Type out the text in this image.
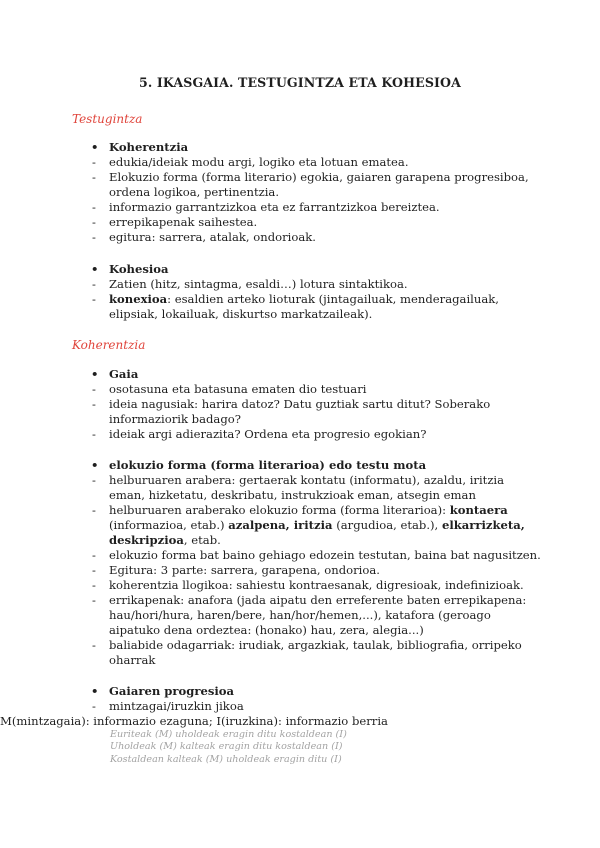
5. IKASGAIA. TESTUGINTZA ETA KOHESIOA
Testugintza
• Koherentzia
- edukia/ideiak modu argi, logiko eta lotuan ematea.
- Elokuzio forma (forma literario) egokia, gaiaren garapena progresiboa, ordena logikoa, pertinentzia.
- informazio garrantzizkoa eta ez farrantzizkoa bereiztea.
- errepikapenak saihestea.
- egitura: sarrera, atalak, ondorioak.
• Kohesioa
- Zatien (hitz, sintagma, esaldi…) lotura sintaktikoa.
- konexioa: esaldien arteko lioturak (jintagailuak, menderagailuak, elipsiak, lokailuak, diskurtso markatzaileak).
Koherentzia
• Gaia
- osotasuna eta batasuna ematen dio testuari
- ideia nagusiak: harira datoz? Datu guztiak sartu ditut? Soberako informaziorik badago?
- ideiak argi adierazita? Ordena eta progresio egokian?
• elokuzio forma (forma literarioa) edo testu mota
- helburuaren arabera: gertaerak kontatu (informatu), azaldu, iritzia eman, hizketatu, deskribatu, instrukzioak eman, atsegin eman
- helburuaren araberako elokuzio forma (forma literarioa): kontaera (informazioa, etab.) azalpena, iritzia (argudioa, etab.), elkarrizketa, deskripzioa, etab.
- elokuzio forma bat baino gehiago edozein testutan, baina bat nagusitzen.
- Egitura: 3 parte: sarrera, garapena, ondorioa.
- koherentzia llogikoa: sahiestu kontraesanak, digresioak, indefinizioak.
- errikapenak: anafora (jada aipatu den erreferente baten errepikapena: hau/hori/hura, haren/bere, han/hor/hemen,...), katafora (geroago aipatuko dena ordeztea: (honako) hau, zera, alegia...)
- baliabide odagarriak: irudiak, argazkiak, taulak, bibliografia, orripeko oharrak
• Gaiaren progresioa
- mintzagai/iruzkin jikoa
M(mintzagaia): informazio ezaguna; I(iruzkina): informazio berria
Euriteak (M) uholdeak eragin ditu kostaldean (I)
Uholdeak (M) kalteak eragin ditu kostaldean (I)
Kostaldean kalteak (M) uholdeak eragin ditu (I)
